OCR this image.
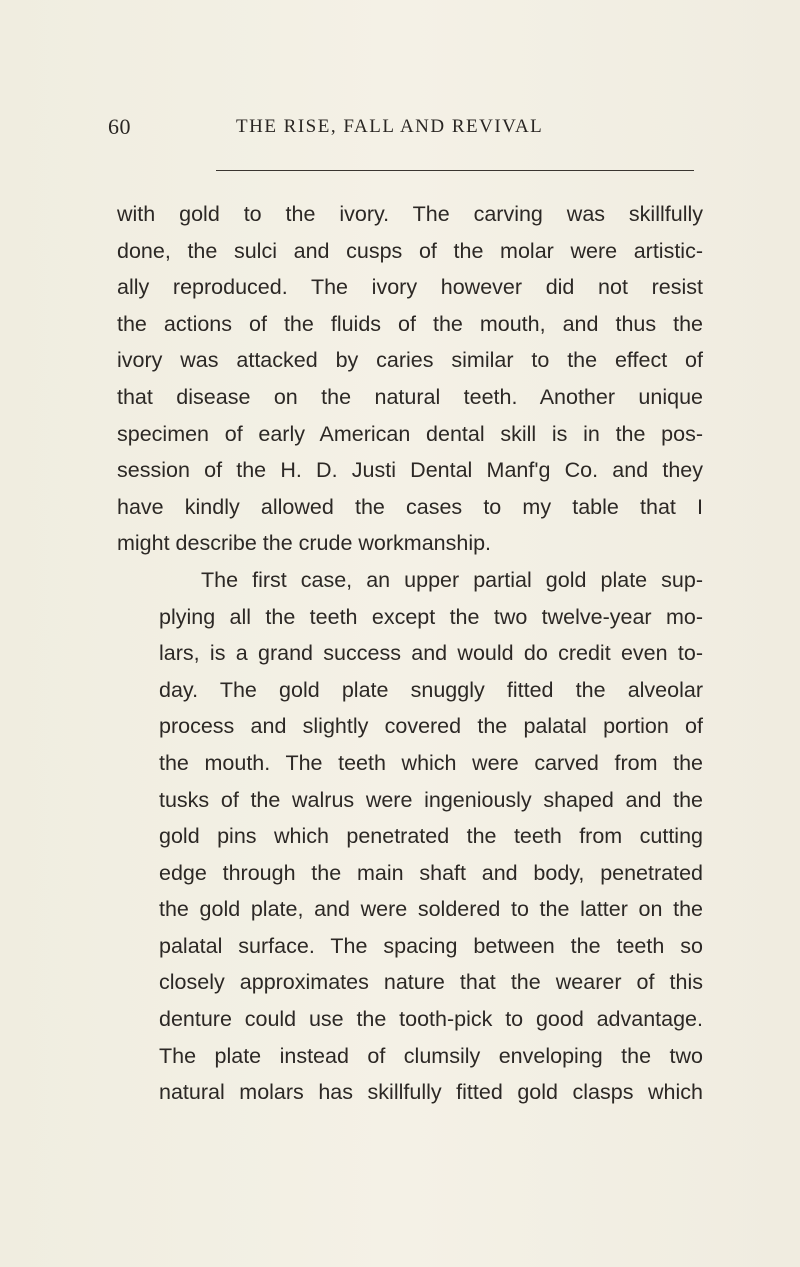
60	THE RISE, FALL AND REVIVAL
with gold to the ivory. The carving was skillfully
done, the sulci and cusps of the molar were artistic-
ally reproduced. The ivory however did not resist
the actions of the fluids of the mouth, and thus the
ivory was attacked by caries similar to the effect of
that disease on the natural teeth. Another unique
specimen of early American dental skill is in the pos-
session of the H. D. Justi Dental Manf'g Co. and they
have kindly allowed the cases to my table that I
might describe the crude workmanship.
The first case, an upper partial gold plate sup-
plying all the teeth except the two twelve-year mo-
lars, is a grand success and would do credit even to-
day. The gold plate snuggly fitted the alveolar
process and slightly covered the palatal portion of
the mouth. The teeth which were carved from the
tusks of the walrus were ingeniously shaped and the
gold pins which penetrated the teeth from cutting
edge through the main shaft and body, penetrated
the gold plate, and were soldered to the latter on the
palatal surface. The spacing between the teeth so
closely approximates nature that the wearer of this
denture could use the tooth-pick to good advantage.
The plate instead of clumsily enveloping the two
natural molars has skillfully fitted gold clasps which
